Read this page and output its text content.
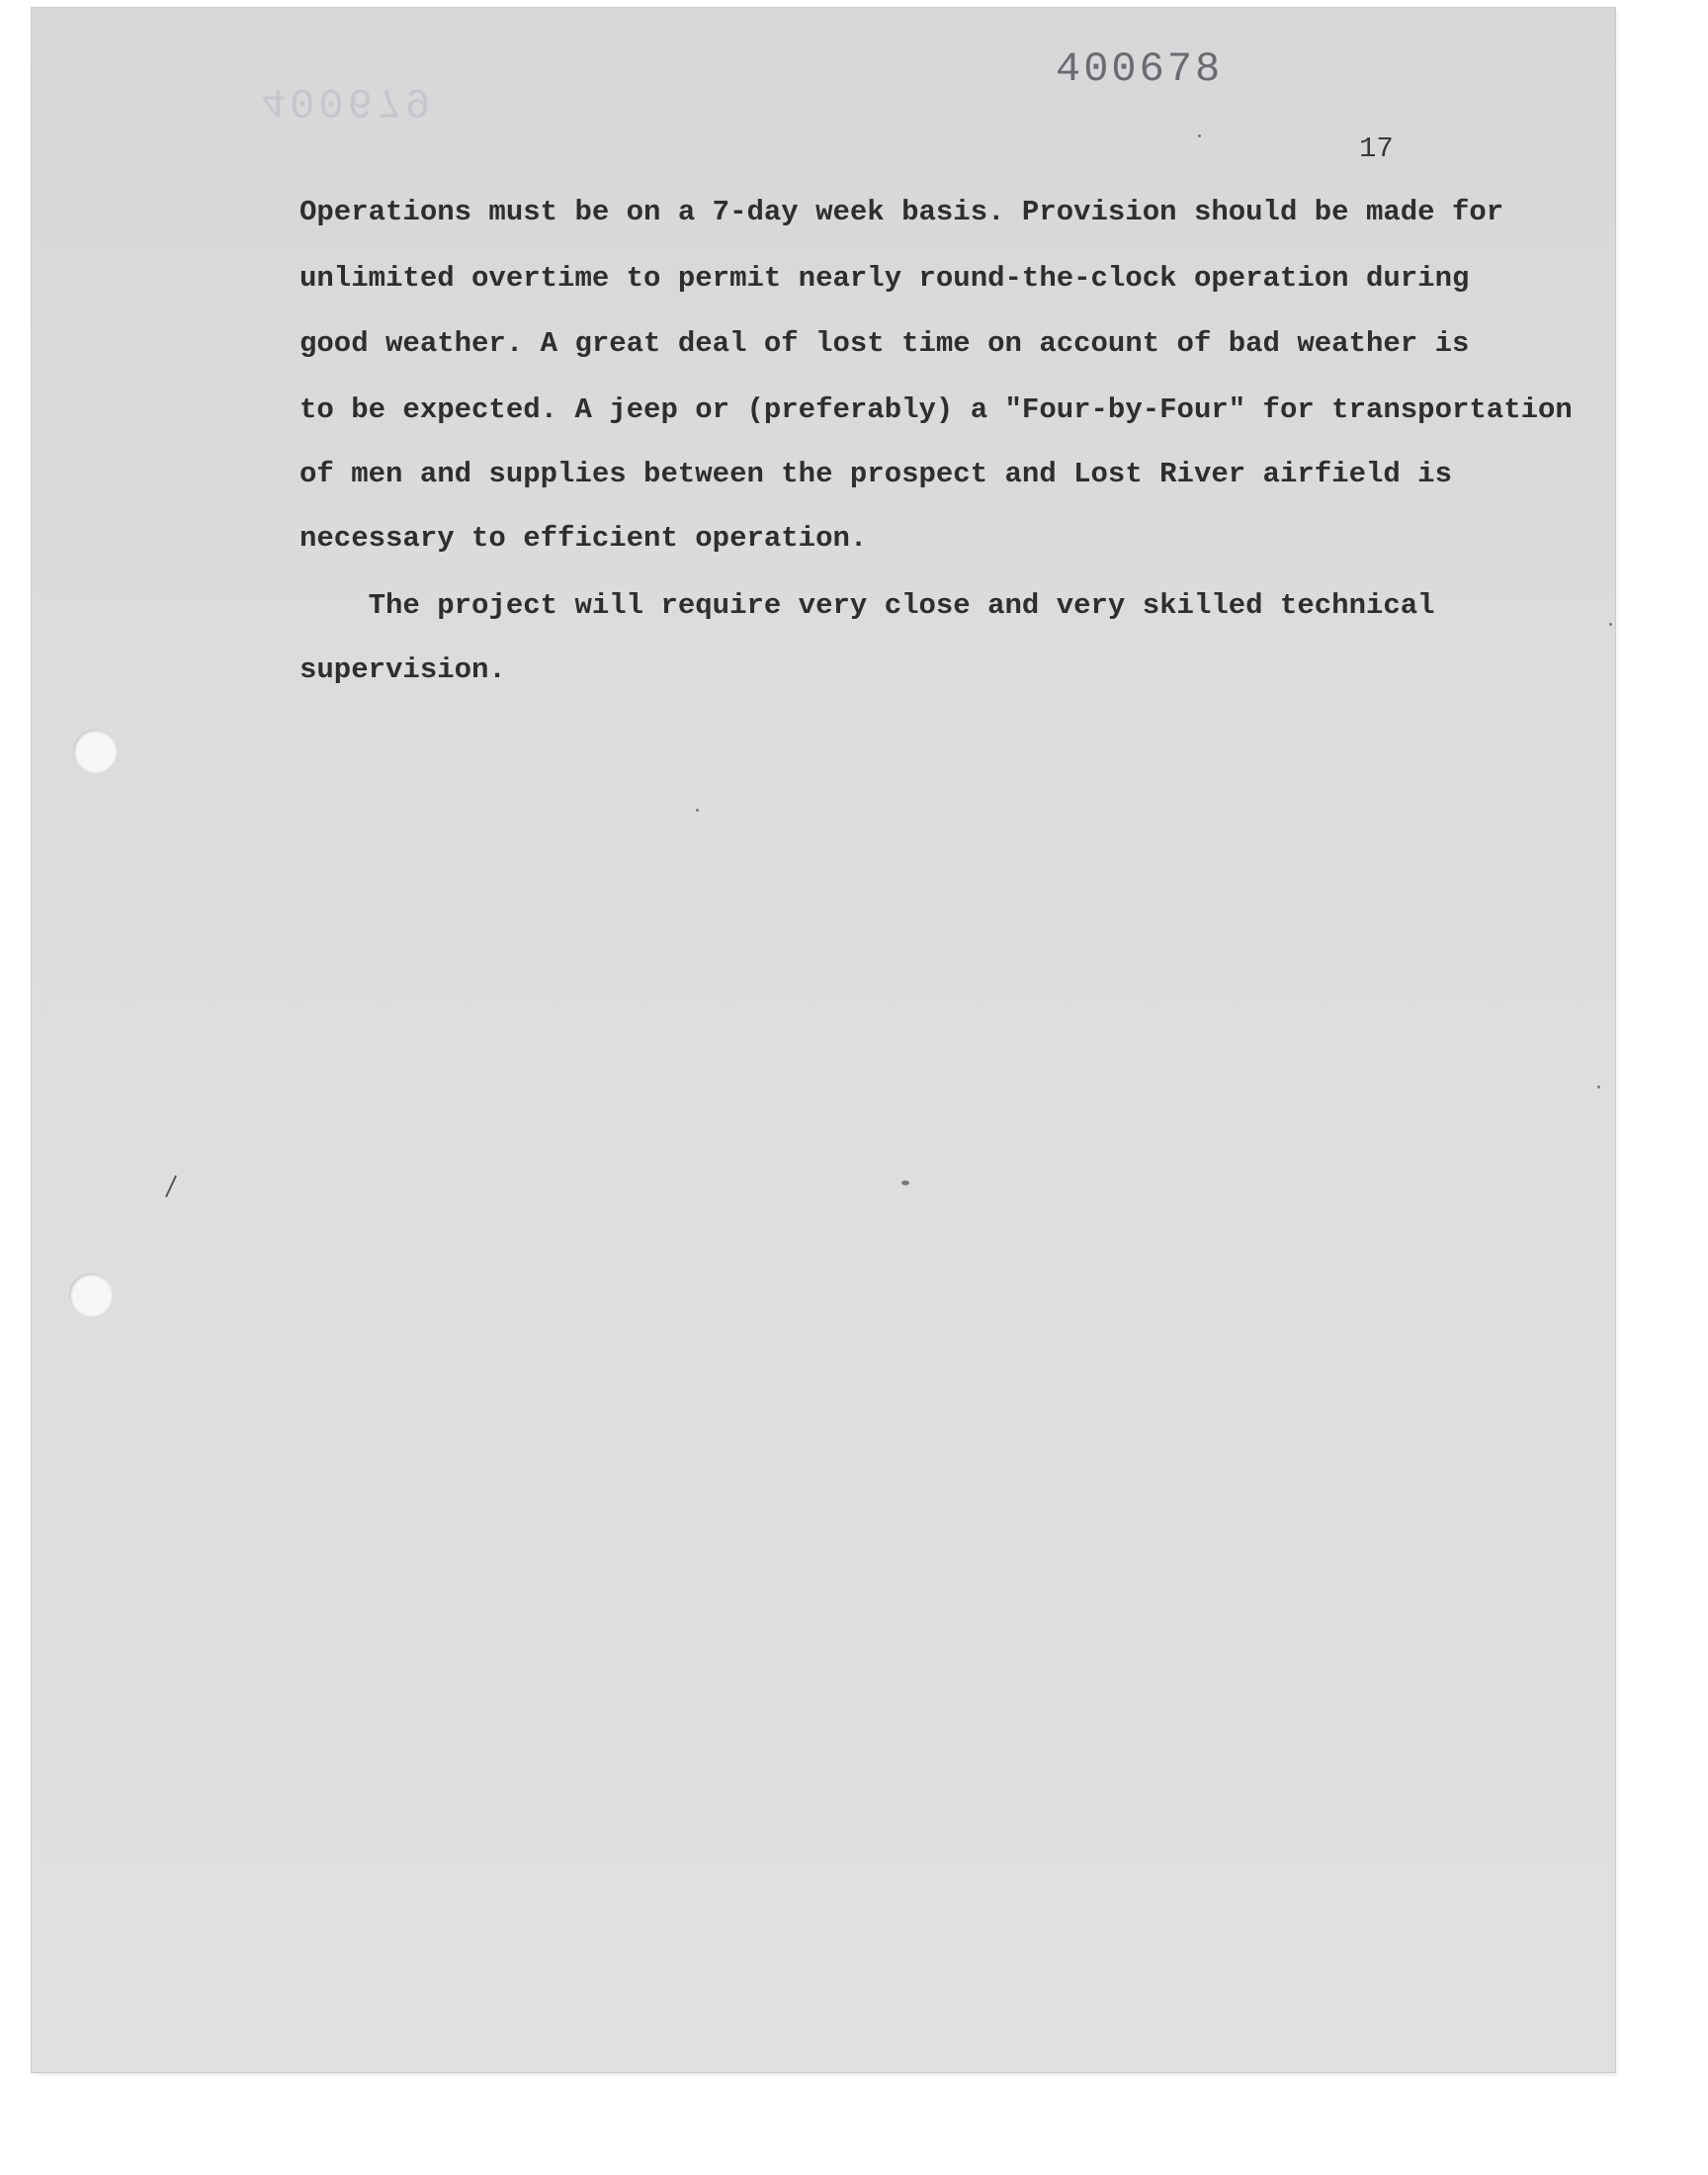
400679
400678
17
Operations must be on a 7-day week basis. Provision should be made for
unlimited overtime to permit nearly round-the-clock operation during
good weather. A great deal of lost time on account of bad weather is
to be expected. A jeep or (preferably) a "Four-by-Four" for transportation
of men and supplies between the prospect and Lost River airfield is
necessary to efficient operation.
The project will require very close and very skilled technical
supervision.
